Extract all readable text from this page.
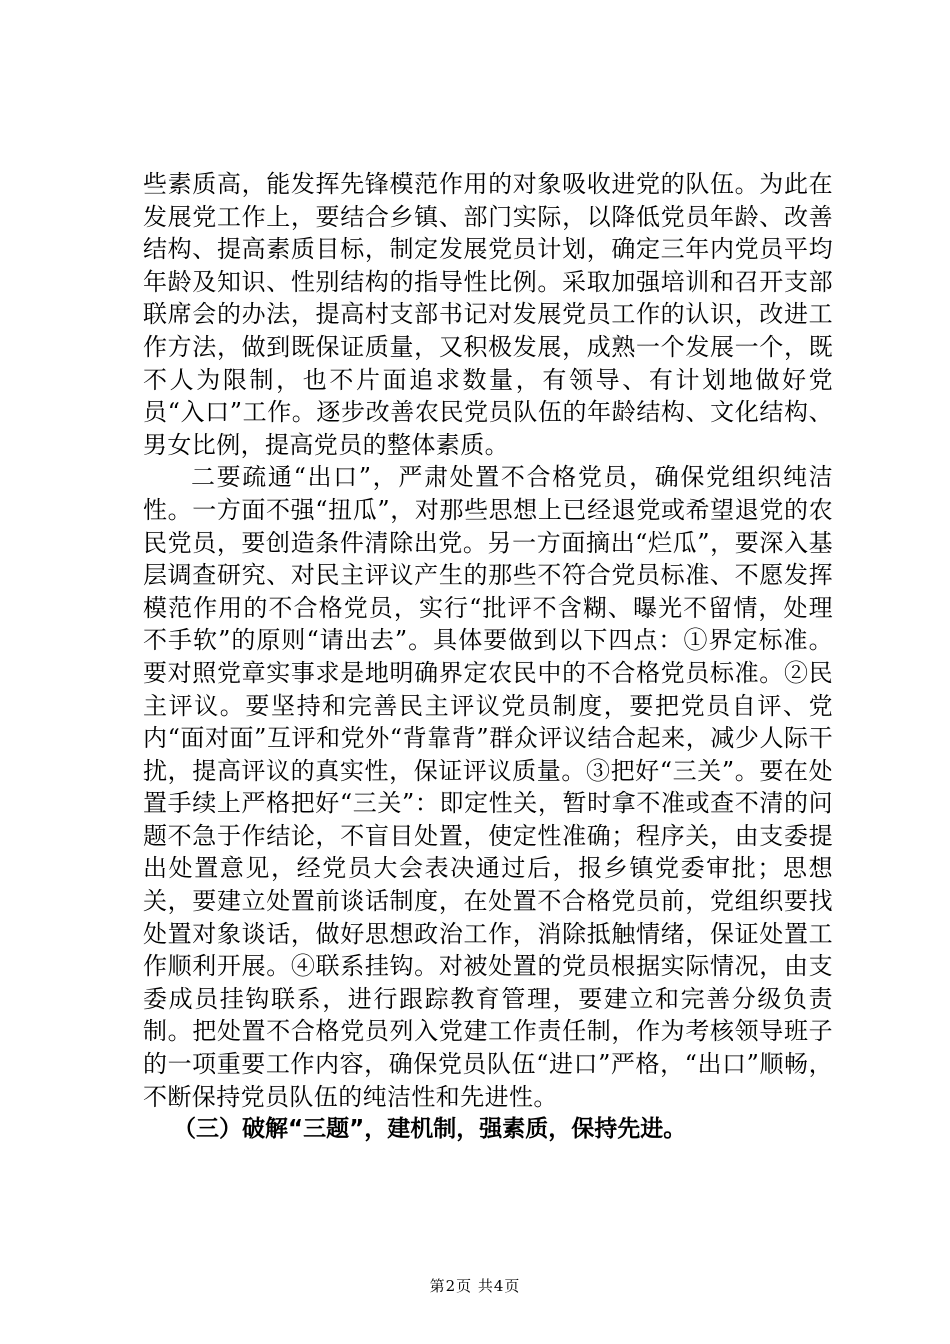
些素质高，能发挥先锋模范作用的对象吸收进党的队伍。为此在发展党工作上，要结合乡镇、部门实际，以降低党员年龄、改善结构、提高素质目标，制定发展党员计划，确定三年内党员平均年龄及知识、性别结构的指导性比例。采取加强培训和召开支部联席会的办法，提高村支部书记对发展党员工作的认识，改进工作方法，做到既保证质量，又积极发展，成熟一个发展一个，既不人为限制，也不片面追求数量，有领导、有计划地做好党员“入口”工作。逐步改善农民党员队伍的年龄结构、文化结构、男女比例，提高党员的整体素质。

二要疏通“出口”，严肃处置不合格党员，确保党组织纯洁性。一方面不强“扭瓜”，对那些思想上已经退党或希望退党的农民党员，要创造条件清除出党。另一方面摘出“烂瓜”，要深入基层调查研究、对民主评议产生的那些不符合党员标准、不愿发挥模范作用的不合格党员，实行“批评不含糊、曝光不留情，处理不手软”的原则“请出去”。具体要做到以下四点：①界定标准。要对照党章实事求是地明确界定农民中的不合格党员标准。②民主评议。要坚持和完善民主评议党员制度，要把党员自评、党内“面对面”互评和党外“背靠背”群众评议结合起来，减少人际干扰，提高评议的真实性，保证评议质量。③把好“三关”。要在处置手续上严格把好“三关”：即定性关，暂时拿不准或查不清的问题不急于作结论，不盲目处置，使定性准确；程序关，由支委提出处置意见，经党员大会表决通过后，报乡镇党委审批；思想关，要建立处置前谈话制度，在处置不合格党员前，党组织要找处置对象谈话，做好思想政治工作，消除抵触情绪，保证处置工作顺利开展。④联系挂钩。对被处置的党员根据实际情况，由支委成员挂钩联系，进行跟踪教育管理，要建立和完善分级负责制。把处置不合格党员列入党建工作责任制，作为考核领导班子的一项重要工作内容，确保党员队伍“进口”严格，“出口”顺畅，不断保持党员队伍的纯洁性和先进性。

（三）破解“三题”，建机制，强素质，保持先进。

第2页 共4页
